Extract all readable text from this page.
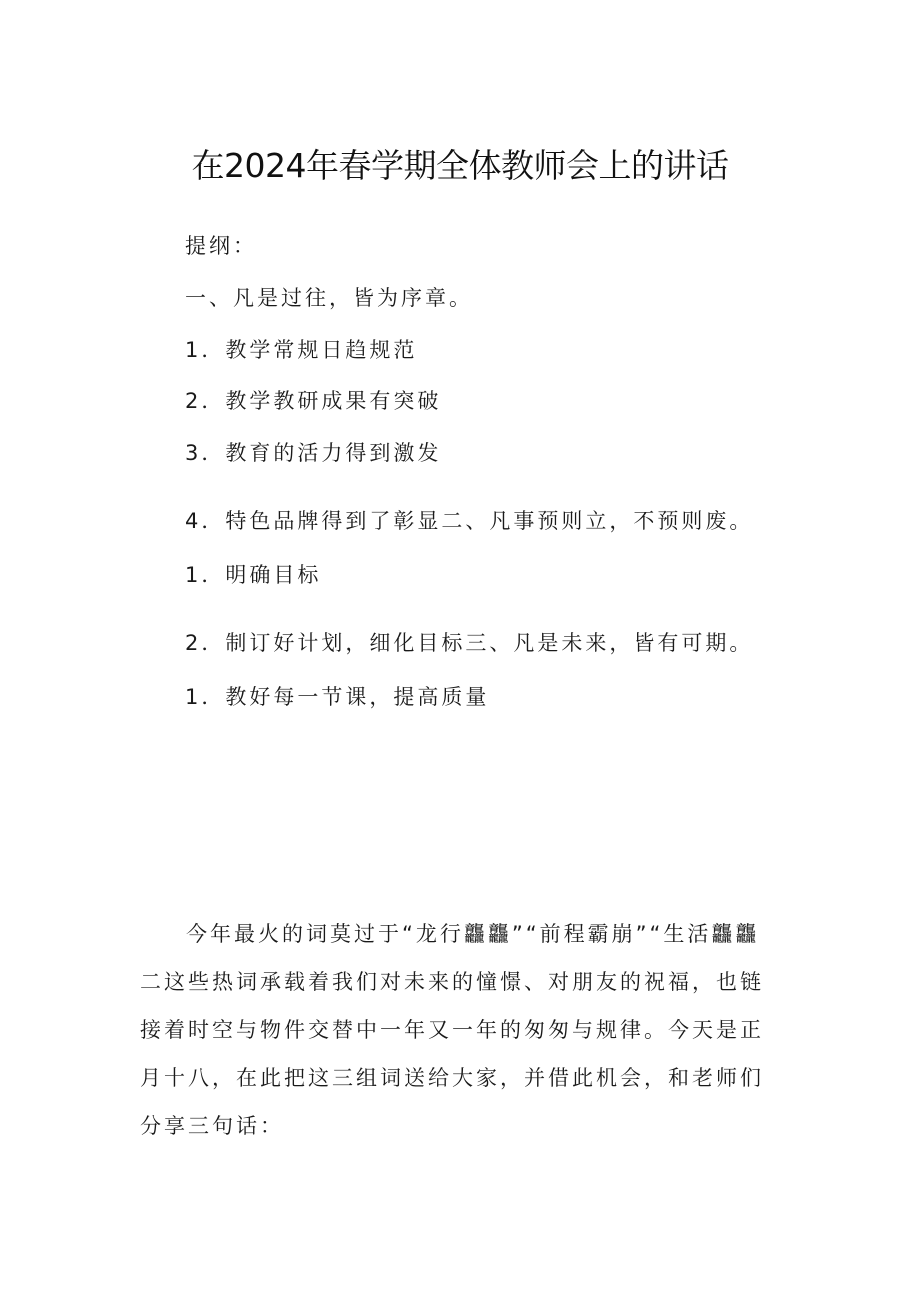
在2024年春学期全体教师会上的讲话
提纲：
一、凡是过往，皆为序章。
1．教学常规日趋规范
2．教学教研成果有突破
3．教育的活力得到激发
4．特色品牌得到了彰显二、凡事预则立，不预则废。
1．明确目标
2．制订好计划，细化目标三、凡是未来，皆有可期。
1．教好每一节课，提高质量

今年最火的词莫过于“龙行龘龘”“前程霸崩”“生活龘龘二这些热词承载着我们对未来的憧憬、对朋友的祝福，也链接着时空与物件交替中一年又一年的匆匆与规律。今天是正月十八，在此把这三组词送给大家，并借此机会，和老师们分享三句话：
